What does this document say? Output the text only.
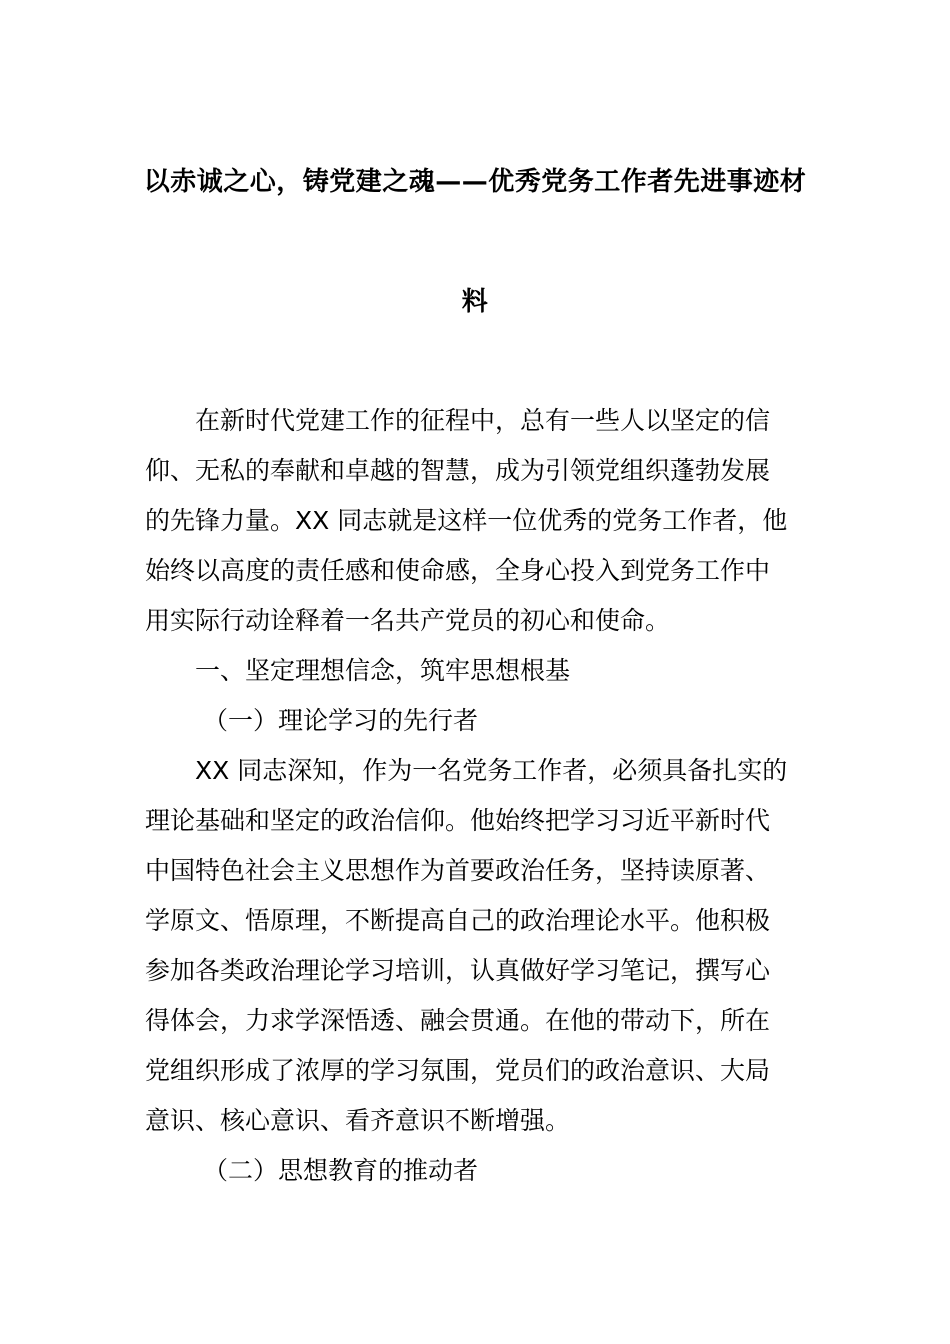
以赤诚之心，铸党建之魂——优秀党务工作者先进事迹材
料
在新时代党建工作的征程中，总有一些人以坚定的信
仰、无私的奉献和卓越的智慧，成为引领党组织蓬勃发展
的先锋力量。XX 同志就是这样一位优秀的党务工作者，他
始终以高度的责任感和使命感，全身心投入到党务工作中
用实际行动诠释着一名共产党员的初心和使命。
一、坚定理想信念，筑牢思想根基
（一）理论学习的先行者
XX 同志深知，作为一名党务工作者，必须具备扎实的
理论基础和坚定的政治信仰。他始终把学习习近平新时代
中国特色社会主义思想作为首要政治任务，坚持读原著、
学原文、悟原理，不断提高自己的政治理论水平。他积极
参加各类政治理论学习培训，认真做好学习笔记，撰写心
得体会，力求学深悟透、融会贯通。在他的带动下，所在
党组织形成了浓厚的学习氛围，党员们的政治意识、大局
意识、核心意识、看齐意识不断增强。
（二）思想教育的推动者
